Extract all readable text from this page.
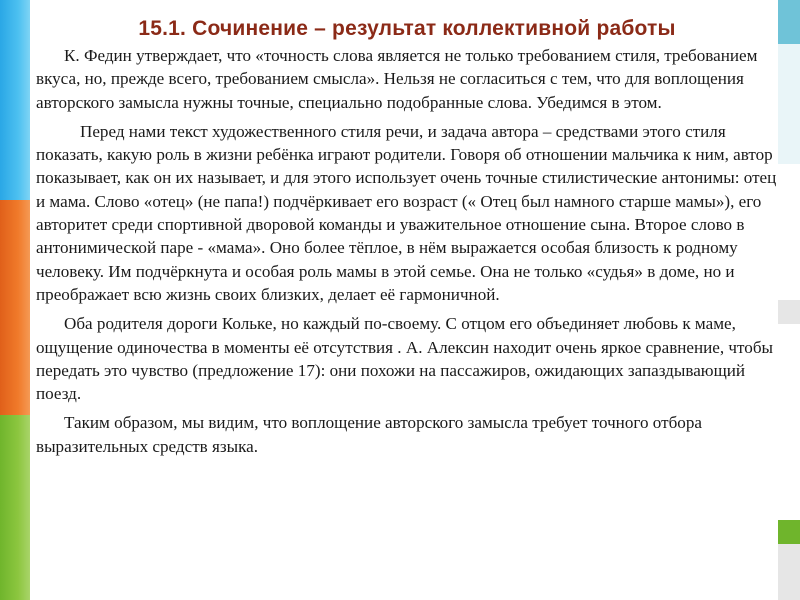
15.1. Сочинение – результат коллективной работы

К. Федин утверждает, что «точность слова является не только требованием стиля, требованием вкуса, но, прежде всего, требованием смысла». Нельзя не согласиться с тем, что для воплощения авторского замысла нужны точные, специально подобранные слова. Убедимся в этом.

Перед нами текст художественного стиля речи, и задача автора – средствами этого стиля показать, какую роль в жизни ребёнка играют родители. Говоря об отношении мальчика к ним, автор показывает, как он их называет, и для этого использует очень точные стилистические антонимы: отец и мама. Слово «отец» (не папа!) подчёркивает его возраст (« Отец был намного старше мамы»), его авторитет среди спортивной дворовой команды и уважительное отношение сына. Второе слово в антонимической паре - «мама». Оно более тёплое, в нём выражается особая близость к родному человеку. Им подчёркнута и особая роль мамы в этой семье. Она не только «судья» в доме, но и преображает всю жизнь своих близких, делает её гармоничной.

Оба родителя дороги Кольке, но каждый по-своему. С отцом его объединяет любовь к маме, ощущение одиночества в моменты её отсутствия . А. Алексин находит очень яркое сравнение, чтобы передать это чувство (предложение 17): они похожи на пассажиров, ожидающих запаздывающий поезд.

Таким образом, мы видим, что воплощение авторского замысла требует точного отбора выразительных средств языка.
